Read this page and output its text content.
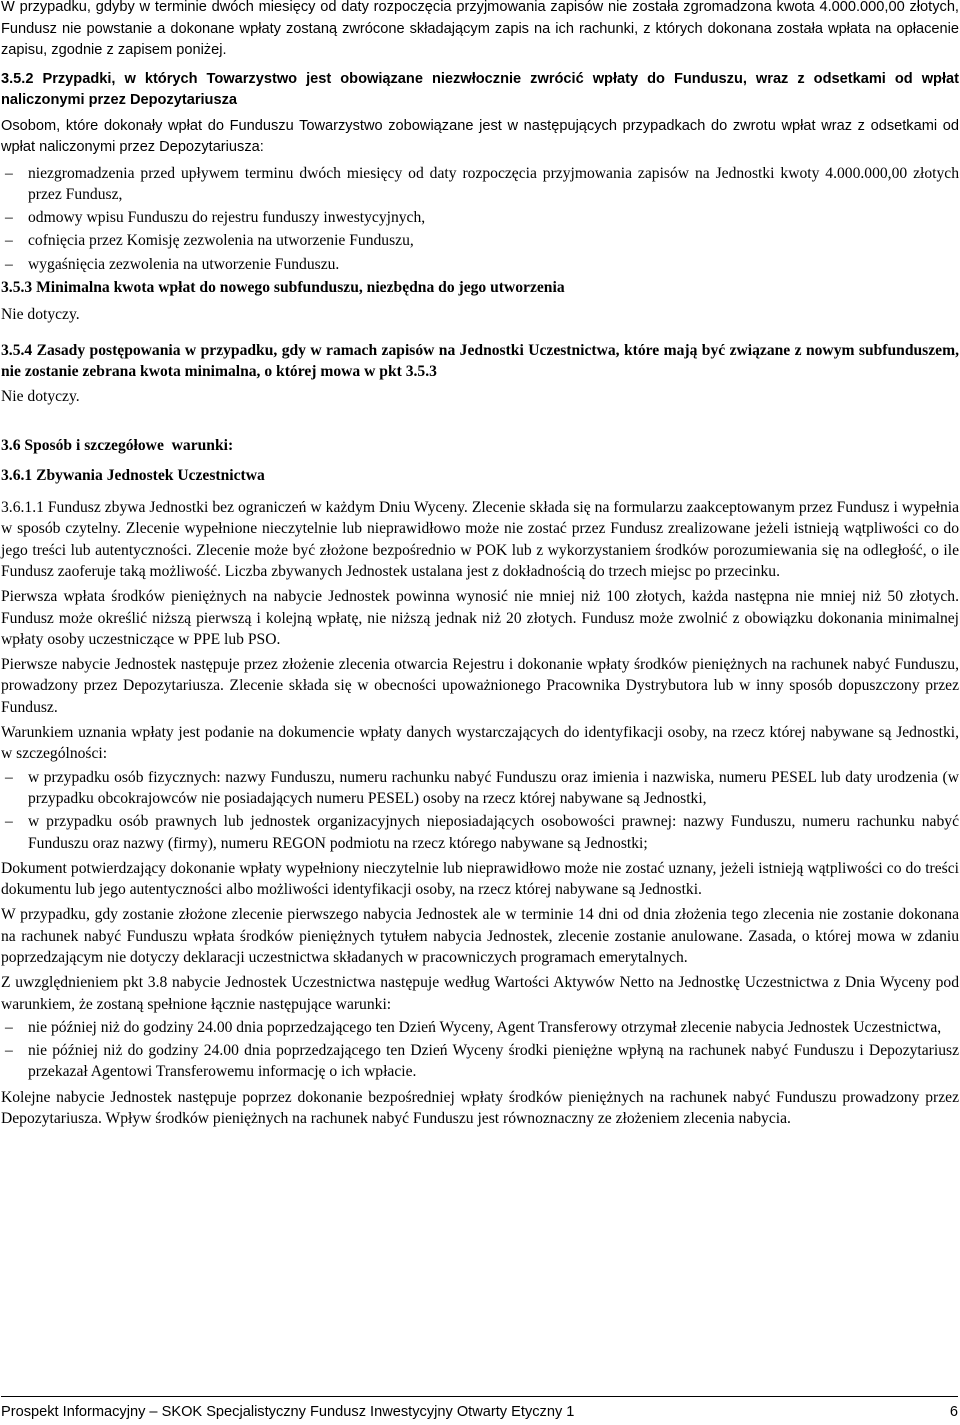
W przypadku, gdyby w terminie dwóch miesięcy od daty rozpoczęcia przyjmowania zapisów nie została zgromadzona kwota 4.000.000,00 złotych, Fundusz nie powstanie a dokonane wpłaty zostaną zwrócone składającym zapis na ich rachunki, z których dokonana została wpłata na opłacenie zapisu, zgodnie z zapisem poniżej.

3.5.2 Przypadki, w których Towarzystwo jest obowiązane niezwłocznie zwrócić wpłaty do Funduszu, wraz z odsetkami od wpłat naliczonymi przez Depozytariusza

Osobom, które dokonały wpłat do Funduszu Towarzystwo zobowiązane jest w następujących przypadkach do zwrotu wpłat wraz z odsetkami od wpłat naliczonymi przez Depozytariusza:

– niezgromadzenia przed upływem terminu dwóch miesięcy od daty rozpoczęcia przyjmowania zapisów na Jednostki kwoty 4.000.000,00 złotych przez Fundusz,
– odmowy wpisu Funduszu do rejestru funduszy inwestycyjnych,
– cofnięcia przez Komisję zezwolenia na utworzenie Funduszu,
– wygaśnięcia zezwolenia na utworzenie Funduszu.

3.5.3 Minimalna kwota wpłat do nowego subfunduszu, niezbędna do jego utworzenia

Nie dotyczy.

3.5.4 Zasady postępowania w przypadku, gdy w ramach zapisów na Jednostki Uczestnictwa, które mają być związane z nowym subfunduszem, nie zostanie zebrana kwota minimalna, o której mowa w pkt 3.5.3

Nie dotyczy.

3.6 Sposób i szczegółowe  warunki:

3.6.1 Zbywania Jednostek Uczestnictwa

3.6.1.1 Fundusz zbywa Jednostki bez ograniczeń w każdym Dniu Wyceny. Zlecenie składa się na formularzu zaakceptowanym przez Fundusz i wypełnia w sposób czytelny. Zlecenie wypełnione nieczytelnie lub nieprawidłowo może nie zostać przez Fundusz zrealizowane jeżeli istnieją wątpliwości co do jego treści lub autentyczności. Zlecenie może być złożone bezpośrednio w POK lub z wykorzystaniem środków porozumiewania się na odległość, o ile Fundusz zaoferuje taką możliwość. Liczba zbywanych Jednostek ustalana jest z dokładnością do trzech miejsc po przecinku.

Pierwsza wpłata środków pieniężnych na nabycie Jednostek powinna wynosić nie mniej niż 100 złotych, każda następna nie mniej niż 50 złotych. Fundusz może określić niższą pierwszą i kolejną wpłatę, nie niższą jednak niż 20 złotych. Fundusz może zwolnić z obowiązku dokonania minimalnej wpłaty osoby uczestniczące w PPE lub PSO.

Pierwsze nabycie Jednostek następuje przez złożenie zlecenia otwarcia Rejestru i dokonanie wpłaty środków pieniężnych na rachunek nabyć Funduszu, prowadzony przez Depozytariusza. Zlecenie składa się w obecności upoważnionego Pracownika Dystrybutora lub w inny sposób dopuszczony przez Fundusz.

Warunkiem uznania wpłaty jest podanie na dokumencie wpłaty danych wystarczających do identyfikacji osoby, na rzecz której nabywane są Jednostki, w szczególności:

– w przypadku osób fizycznych: nazwy Funduszu, numeru rachunku nabyć Funduszu oraz imienia i nazwiska, numeru PESEL lub daty urodzenia (w przypadku obcokrajowców nie posiadających numeru PESEL) osoby na rzecz której nabywane są Jednostki,
– w przypadku osób prawnych lub jednostek organizacyjnych nieposiadających osobowości prawnej: nazwy Funduszu, numeru rachunku nabyć Funduszu oraz nazwy (firmy), numeru REGON podmiotu na rzecz którego nabywane są Jednostki;

Dokument potwierdzający dokonanie wpłaty wypełniony nieczytelnie lub nieprawidłowo może nie zostać uznany, jeżeli istnieją wątpliwości co do treści dokumentu lub jego autentyczności albo możliwości identyfikacji osoby, na rzecz której nabywane są Jednostki.

W przypadku, gdy zostanie złożone zlecenie pierwszego nabycia Jednostek ale w terminie 14 dni od dnia złożenia tego zlecenia nie zostanie dokonana na rachunek nabyć Funduszu wpłata środków pieniężnych tytułem nabycia Jednostek, zlecenie zostanie anulowane. Zasada, o której mowa w zdaniu poprzedzającym nie dotyczy deklaracji uczestnictwa składanych w pracowniczych programach emerytalnych.

Z uwzględnieniem pkt 3.8 nabycie Jednostek Uczestnictwa następuje według Wartości Aktywów Netto na Jednostkę Uczestnictwa z Dnia Wyceny pod warunkiem, że zostaną spełnione łącznie następujące warunki:

– nie później niż do godziny 24.00 dnia poprzedzającego ten Dzień Wyceny, Agent Transferowy otrzymał zlecenie nabycia Jednostek Uczestnictwa,
– nie później niż do godziny 24.00 dnia poprzedzającego ten Dzień Wyceny środki pieniężne wpłyną na rachunek nabyć Funduszu i Depozytariusz przekazał Agentowi Transferowemu informację o ich wpłacie.

Kolejne nabycie Jednostek następuje poprzez dokonanie bezpośredniej wpłaty środków pieniężnych na rachunek nabyć Funduszu prowadzony przez Depozytariusza. Wpływ środków pieniężnych na rachunek nabyć Funduszu jest równoznaczny ze złożeniem zlecenia nabycia.

Prospekt Informacyjny – SKOK Specjalistyczny Fundusz Inwestycyjny Otwarty Etyczny 1	6
